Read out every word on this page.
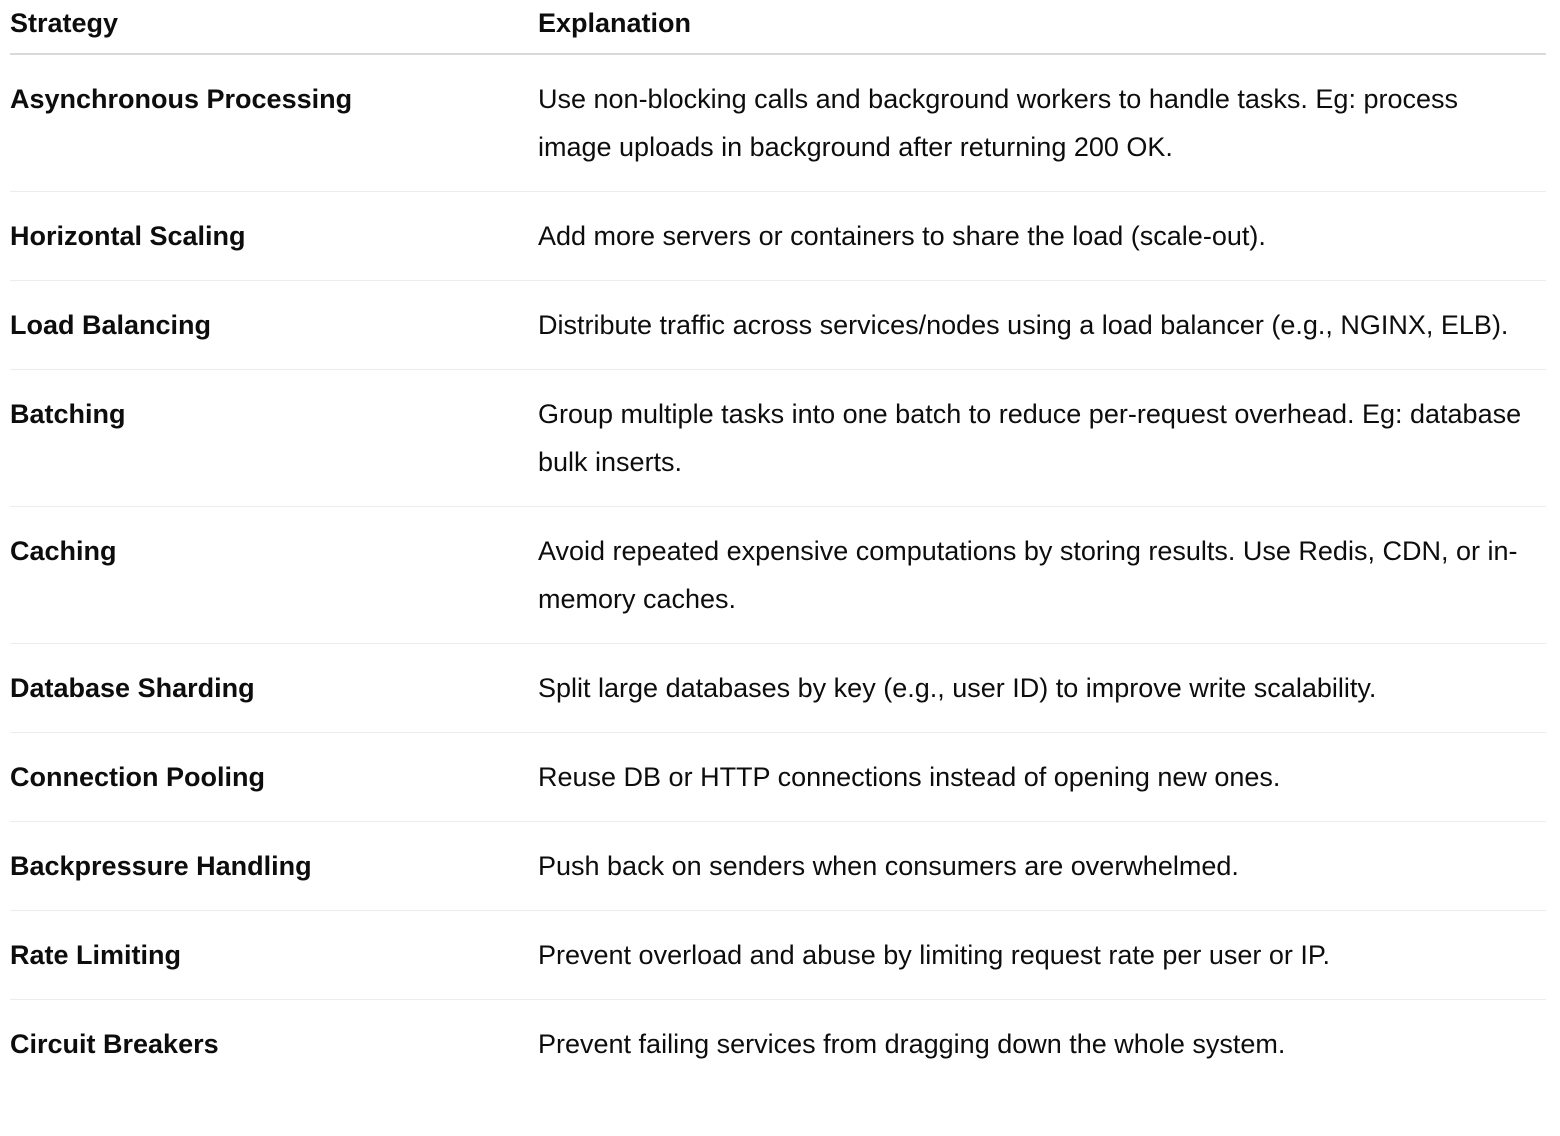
Strategy	Explanation
Asynchronous Processing	Use non-blocking calls and background workers to handle tasks. Eg: process image uploads in background after returning 200 OK.
Horizontal Scaling	Add more servers or containers to share the load (scale-out).
Load Balancing	Distribute traffic across services/nodes using a load balancer (e.g., NGINX, ELB).
Batching	Group multiple tasks into one batch to reduce per-request overhead. Eg: database bulk inserts.
Caching	Avoid repeated expensive computations by storing results. Use Redis, CDN, or in-memory caches.
Database Sharding	Split large databases by key (e.g., user ID) to improve write scalability.
Connection Pooling	Reuse DB or HTTP connections instead of opening new ones.
Backpressure Handling	Push back on senders when consumers are overwhelmed.
Rate Limiting	Prevent overload and abuse by limiting request rate per user or IP.
Circuit Breakers	Prevent failing services from dragging down the whole system.
